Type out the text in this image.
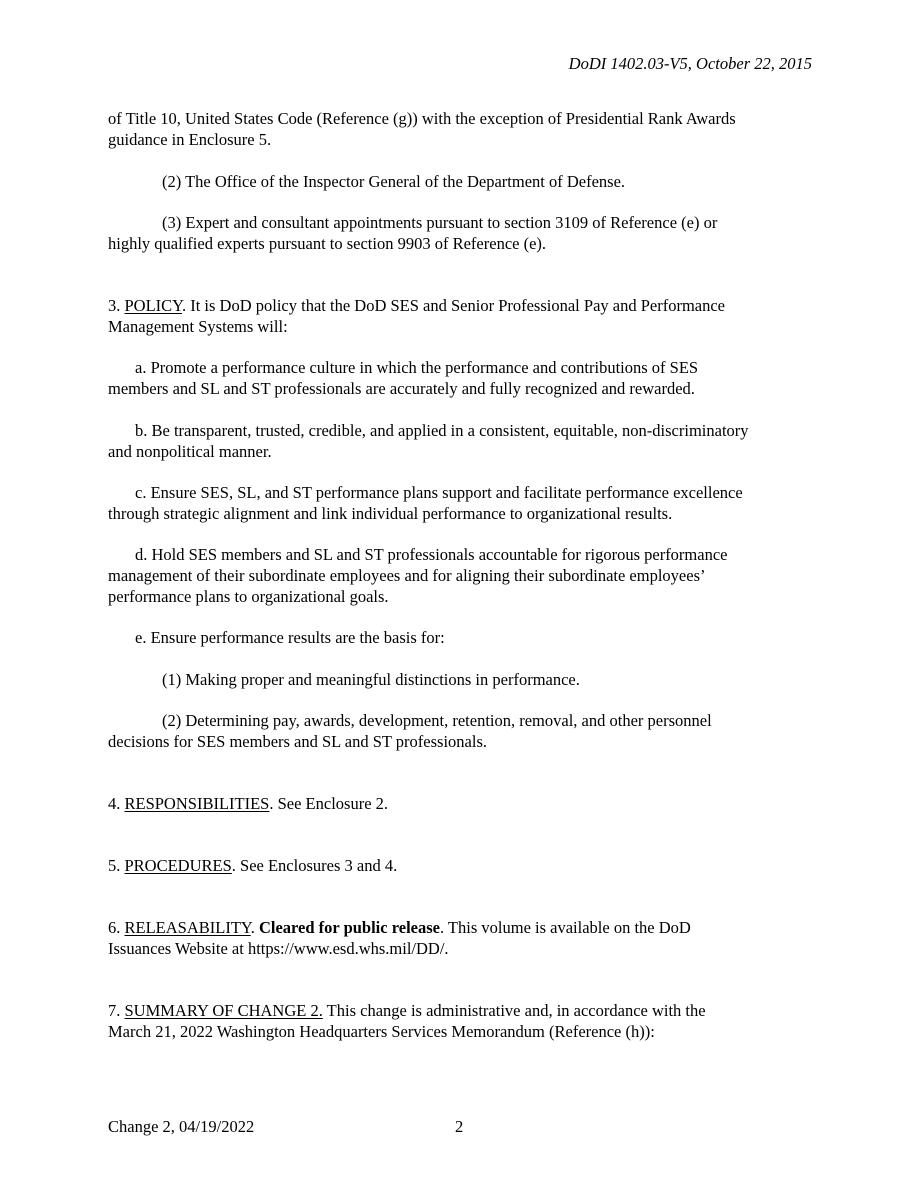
DoDI 1402.03-V5, October 22, 2015
of Title 10, United States Code (Reference (g)) with the exception of Presidential Rank Awards
guidance in Enclosure 5.
(2) The Office of the Inspector General of the Department of Defense.
(3) Expert and consultant appointments pursuant to section 3109 of Reference (e) or
highly qualified experts pursuant to section 9903 of Reference (e).
3. POLICY. It is DoD policy that the DoD SES and Senior Professional Pay and Performance
Management Systems will:
a. Promote a performance culture in which the performance and contributions of SES
members and SL and ST professionals are accurately and fully recognized and rewarded.
b. Be transparent, trusted, credible, and applied in a consistent, equitable, non-discriminatory
and nonpolitical manner.
c. Ensure SES, SL, and ST performance plans support and facilitate performance excellence
through strategic alignment and link individual performance to organizational results.
d. Hold SES members and SL and ST professionals accountable for rigorous performance
management of their subordinate employees and for aligning their subordinate employees’
performance plans to organizational goals.
e. Ensure performance results are the basis for:
(1) Making proper and meaningful distinctions in performance.
(2) Determining pay, awards, development, retention, removal, and other personnel
decisions for SES members and SL and ST professionals.
4. RESPONSIBILITIES. See Enclosure 2.
5. PROCEDURES. See Enclosures 3 and 4.
6. RELEASABILITY. Cleared for public release. This volume is available on the DoD
Issuances Website at https://www.esd.whs.mil/DD/.
7. SUMMARY OF CHANGE 2. This change is administrative and, in accordance with the
March 21, 2022 Washington Headquarters Services Memorandum (Reference (h)):
Change 2, 04/19/2022	2
